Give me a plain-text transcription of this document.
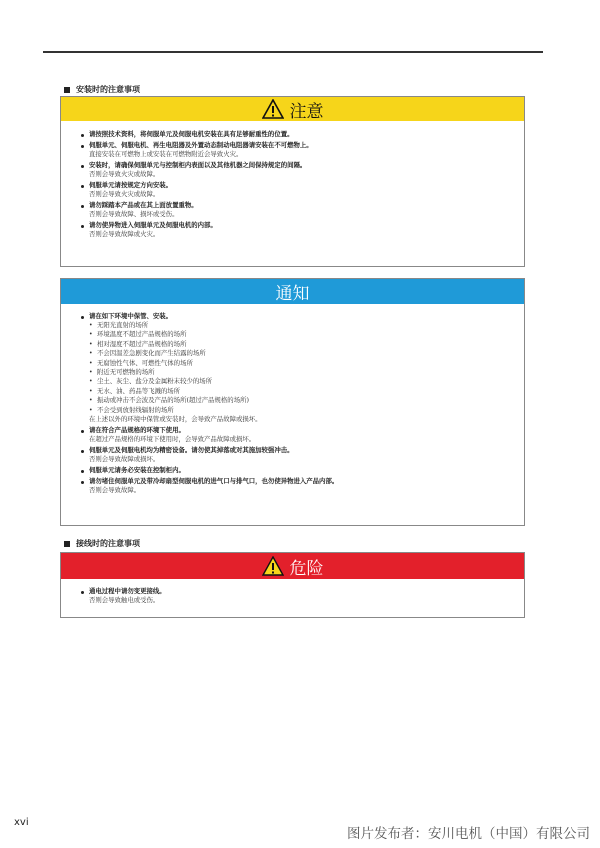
安装时的注意事项
注意
请按照技术资料，将伺服单元及伺服电机安装在具有足够耐重性的位置。
伺服单元、伺服电机、再生电阻器及外置动态制动电阻器请安装在不可燃物上。
直接安装在可燃物上或安装在可燃物附近会导致火灾。
安装时，请确保伺服单元与控制柜内表面以及其他机器之间保持规定的间隔。
否则会导致火灾或故障。
伺服单元请按规定方向安装。
否则会导致火灾或故障。
请勿踩踏本产品或在其上面放置重物。
否则会导致故障、损坏或受伤。
请勿使异物进入伺服单元及伺服电机的内部。
否则会导致故障或火灾。
通知
请在如下环境中保管、安装。
• 无阳光直射的场所
• 环境温度不超过产品规格的场所
• 相对湿度不超过产品规格的场所
• 不会因温差急剧变化而产生结露的场所
• 无腐蚀性气体、可燃性气体的场所
• 附近无可燃物的场所
• 尘土、灰尘、盐分及金属粉末较少的场所
• 无水、油、药品等飞溅的场所
• 振动或冲击不会波及产品的场所(超过产品规格的场所)
• 不会受到放射线辐射的场所
在上述以外的环境中保管或安装时，会导致产品故障或损坏。
请在符合产品规格的环境下使用。
在超过产品规格的环境下使用时，会导致产品故障或损坏。
伺服单元及伺服电机均为精密设备。请勿使其掉落或对其施加较强冲击。
否则会导致故障或损坏。
伺服单元请务必安装在控制柜内。
请勿堵住伺服单元及带冷却扇型伺服电机的进气口与排气口，也勿使异物进入产品内部。
否则会导致故障。
接线时的注意事项
危险
通电过程中请勿变更接线。
否则会导致触电或受伤。
xvi
图片发布者：安川电机（中国）有限公司
